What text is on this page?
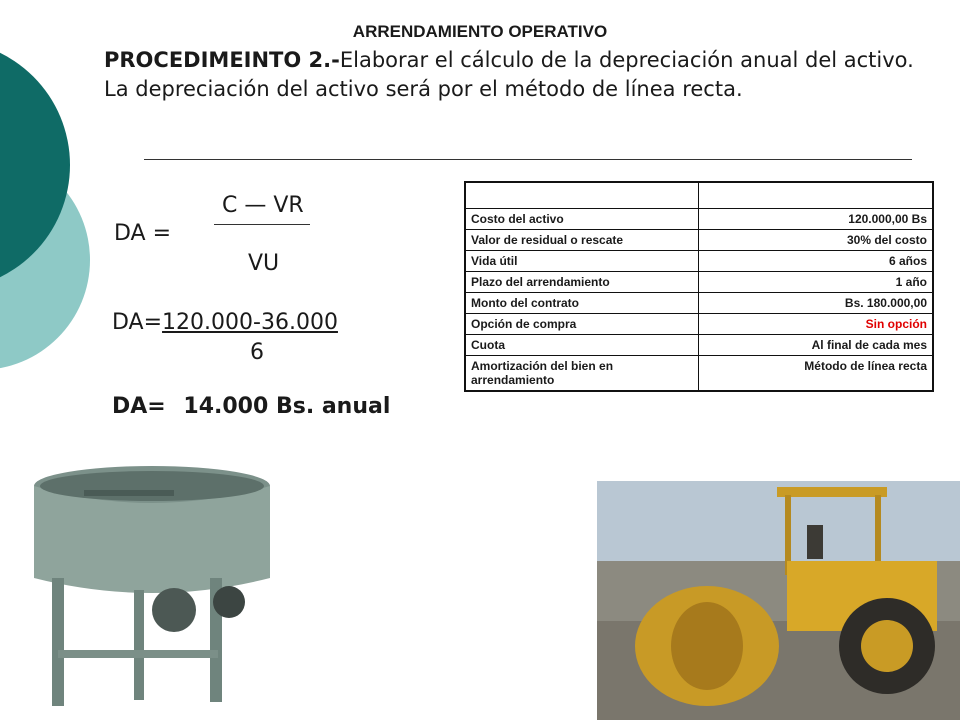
ARRENDAMIENTO OPERATIVO
PROCEDIMEINTO 2.-Elaborar el cálculo de la depreciación anual del activo. La depreciación del activo será por el método de línea recta.
DA =
C — VR
VU
DA=120.000-36.000
6
DA= 14.000 Bs. anual

Costo del activo	120.000,00 Bs
Valor de residual o rescate	30% del costo
Vida útil	6 años
Plazo del arrendamiento	1 año
Monto del contrato	Bs. 180.000,00
Opción de compra	Sin opción
Cuota	Al final de cada mes
Amortización del bien en arrendamiento	Método de línea recta
